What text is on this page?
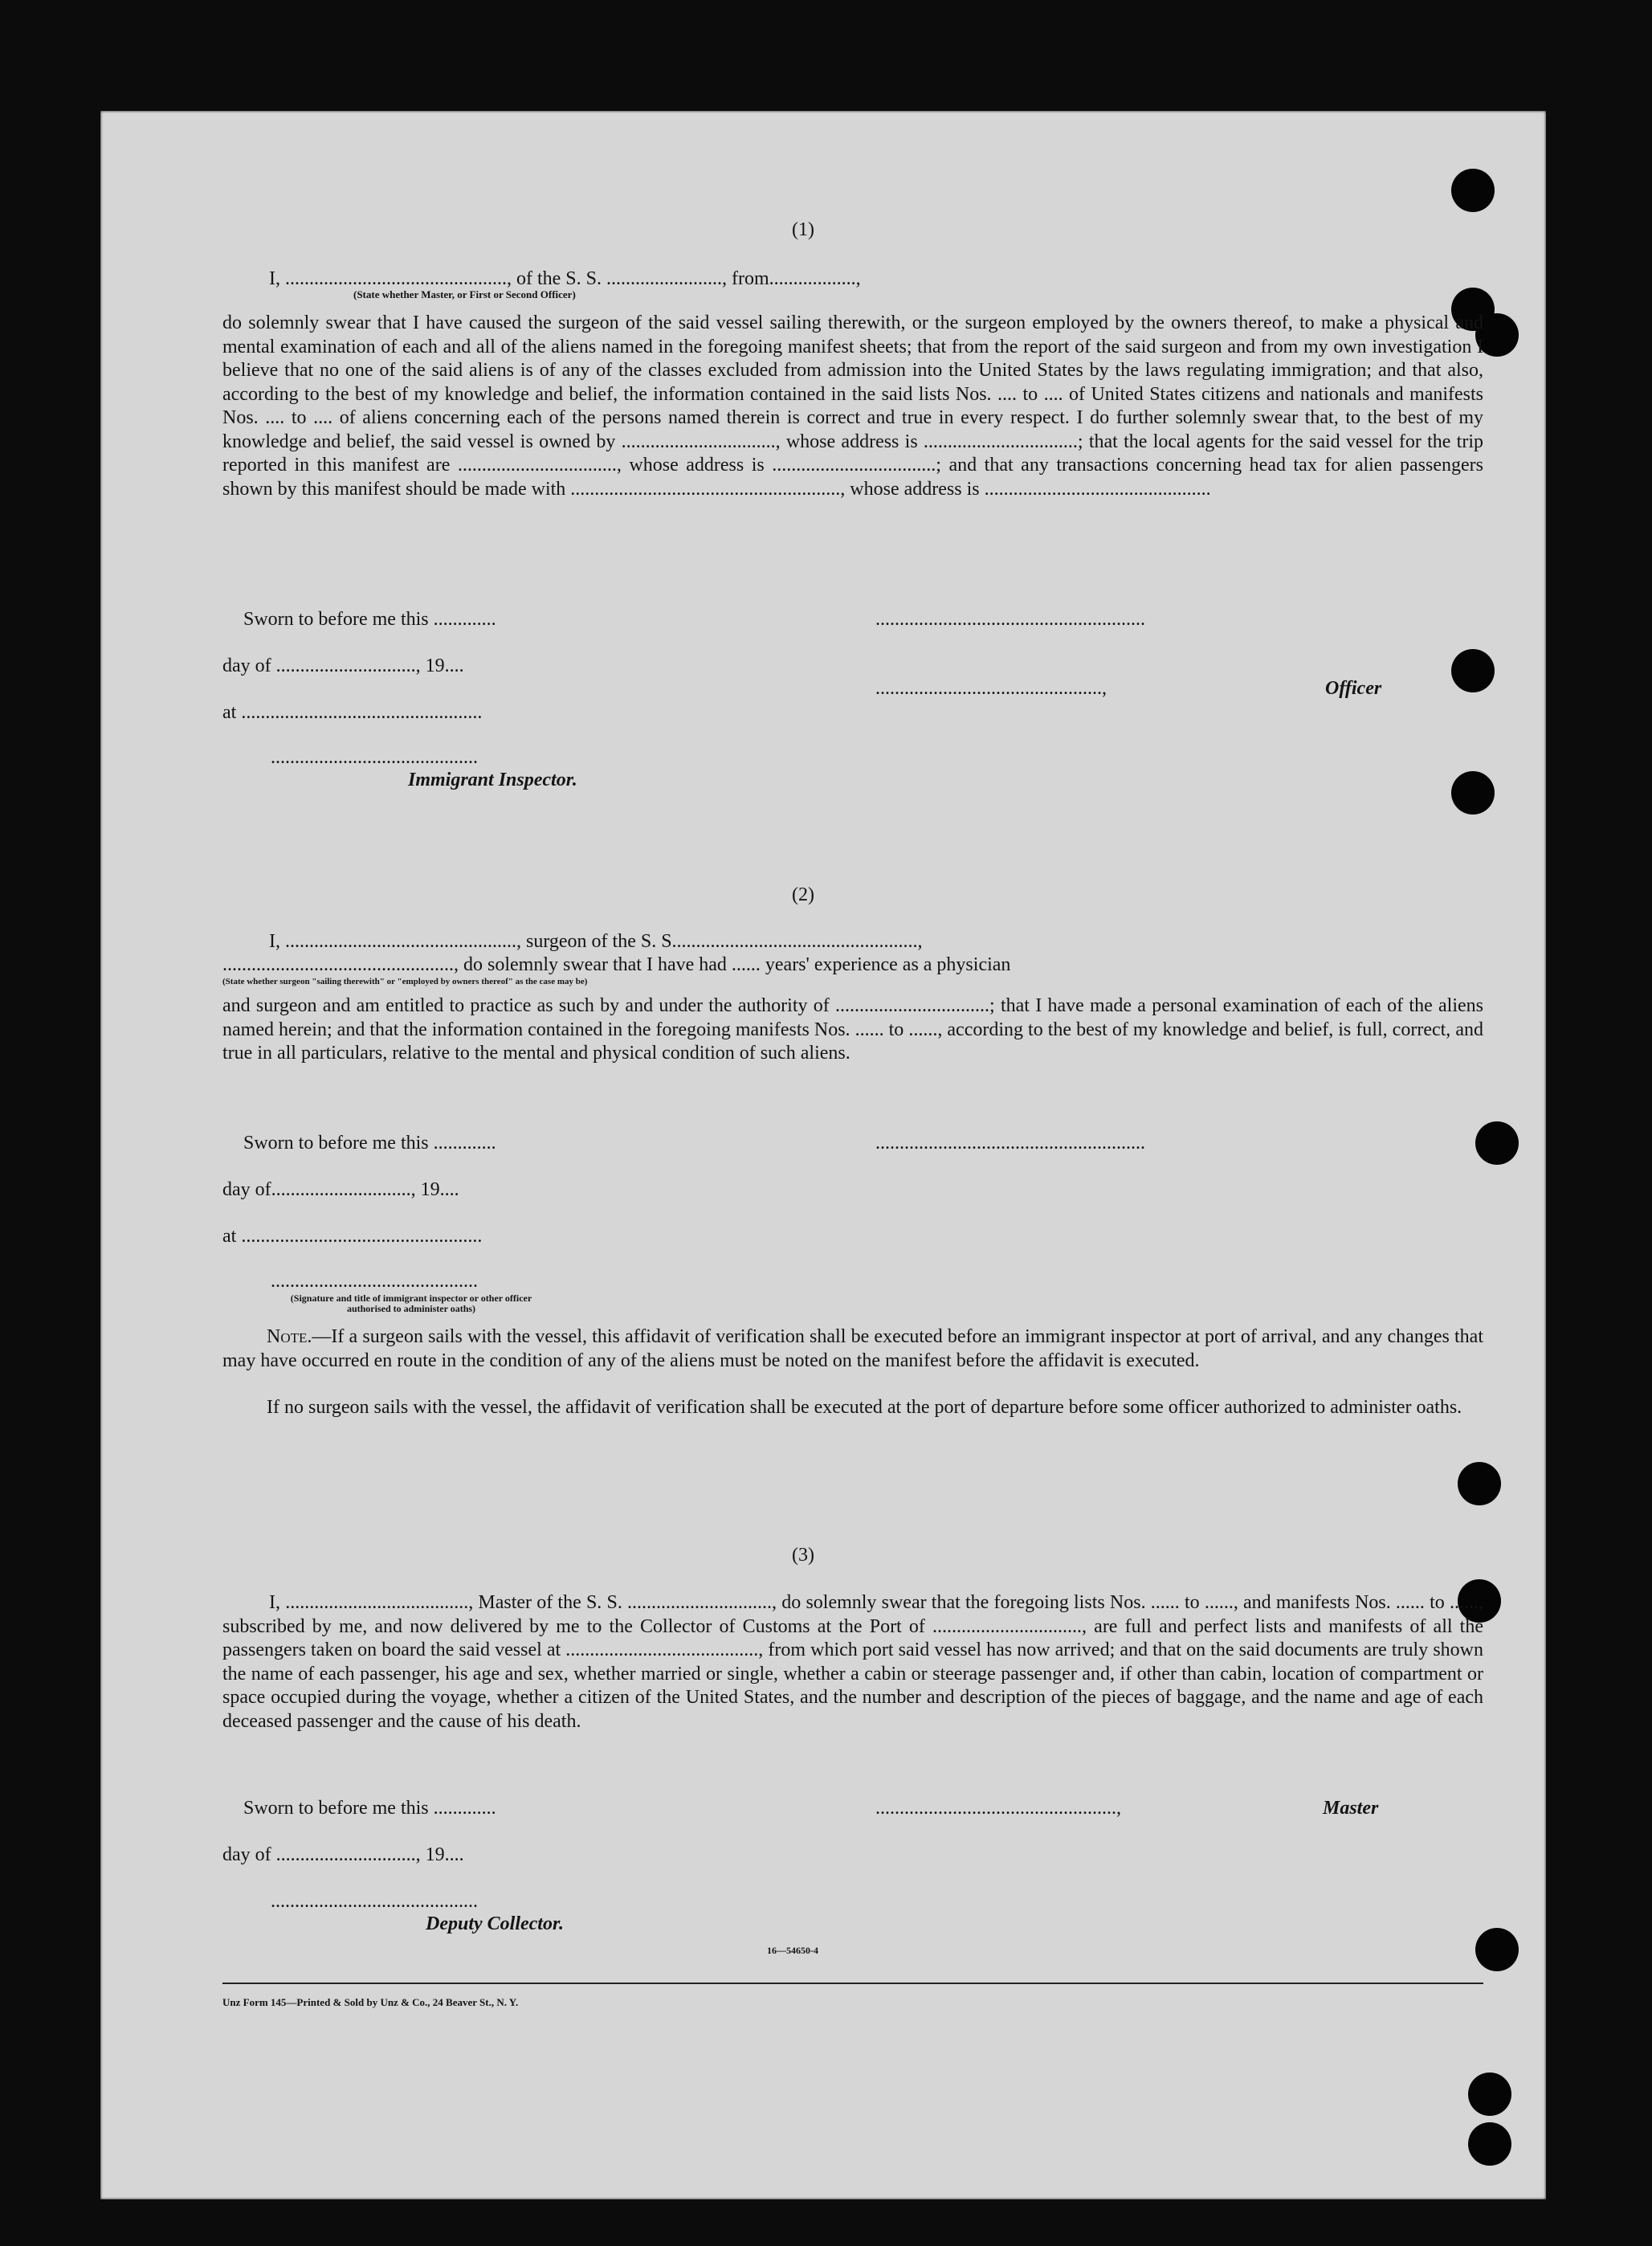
(1)
I, .............................................., of the S. S. ........................, from..................,
(State whether Master, or First or Second Officer)
do solemnly swear that I have caused the surgeon of the said vessel sailing therewith, or the surgeon employed by the owners thereof, to make a physical and mental examination of each and all of the aliens named in the foregoing manifest sheets; that from the report of the said surgeon and from my own investigation I believe that no one of the said aliens is of any of the classes excluded from admission into the United States by the laws regulating immigration; and that also, according to the best of my knowledge and belief, the information contained in the said lists Nos. .... to .... of United States citizens and nationals and manifests Nos. .... to .... of aliens concerning each of the persons named therein is correct and true in every respect. I do further solemnly swear that, to the best of my knowledge and belief, the said vessel is owned by ................................, whose address is ................................; that the local agents for the said vessel for the trip reported in this manifest are ................................., whose address is ..................................; and that any transactions concerning head tax for alien passengers shown by this manifest should be made with ........................................................, whose address is ...............................................
Sworn to before me this .............	........................................................
day of ............................., 19....
...............................................,	Officer
at ..................................................
...........................................
Immigrant Inspector.
(2)
I, ................................................, surgeon of the S. S...................................................,
................................................, do solemnly swear that I have had ...... years' experience as a physician
(State whether surgeon "sailing therewith" or "employed by owners thereof" as the case may be)
and surgeon and am entitled to practice as such by and under the authority of ................................; that I have made a personal examination of each of the aliens named herein; and that the information contained in the foregoing manifests Nos. ...... to ......, according to the best of my knowledge and belief, is full, correct, and true in all particulars, relative to the mental and physical condition of such aliens.
Sworn to before me this .............	........................................................
day of............................., 19....
at ..................................................
...........................................
(Signature and title of immigrant inspector or other officer authorised to administer oaths)
Note.—If a surgeon sails with the vessel, this affidavit of verification shall be executed before an immigrant inspector at port of arrival, and any changes that may have occurred en route in the condition of any of the aliens must be noted on the manifest before the affidavit is executed.
If no surgeon sails with the vessel, the affidavit of verification shall be executed at the port of departure before some officer authorized to administer oaths.
(3)
I, ......................................, Master of the S. S. .............................., do solemnly swear that the foregoing lists Nos. ...... to ......, and manifests Nos. ...... to ......, subscribed by me, and now delivered by me to the Collector of Customs at the Port of ..............................., are full and perfect lists and manifests of all the passengers taken on board the said vessel at ........................................, from which port said vessel has now arrived; and that on the said documents are truly shown the name of each passenger, his age and sex, whether married or single, whether a cabin or steerage passenger and, if other than cabin, location of compartment or space occupied during the voyage, whether a citizen of the United States, and the number and description of the pieces of baggage, and the name and age of each deceased passenger and the cause of his death.
Sworn to before me this .............	..................................................,	Master
day of ............................., 19....
...........................................
Deputy Collector.
16—54650-4
Unz Form 145—Printed & Sold by Unz & Co., 24 Beaver St., N. Y.
